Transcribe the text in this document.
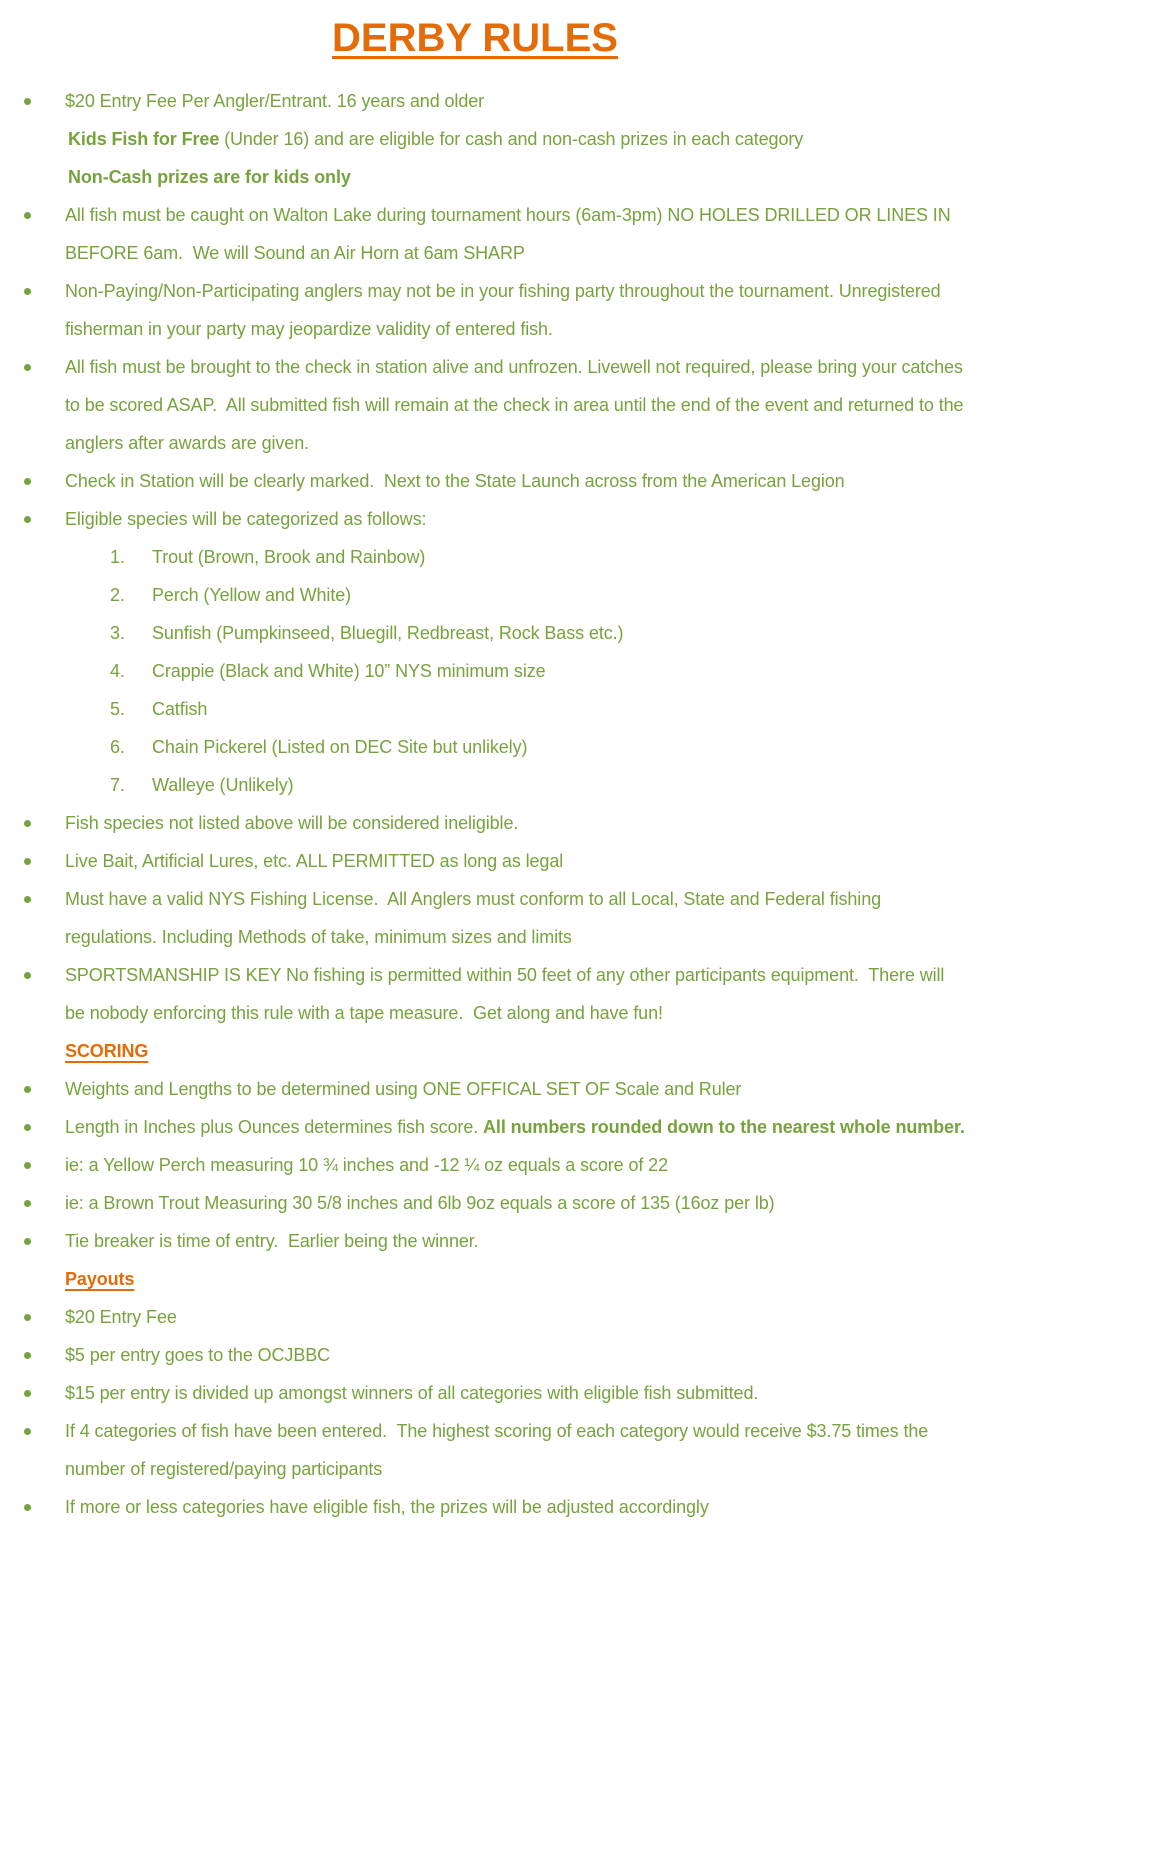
DERBY RULES
$20 Entry Fee Per Angler/Entrant. 16 years and older
Kids Fish for Free (Under 16) and are eligible for cash and non-cash prizes in each category
Non-Cash prizes are for kids only
All fish must be caught on Walton Lake during tournament hours (6am-3pm) NO HOLES DRILLED OR LINES IN BEFORE 6am.  We will Sound an Air Horn at 6am SHARP
Non-Paying/Non-Participating anglers may not be in your fishing party throughout the tournament. Unregistered fisherman in your party may jeopardize validity of entered fish.
All fish must be brought to the check in station alive and unfrozen. Livewell not required, please bring your catches to be scored ASAP.  All submitted fish will remain at the check in area until the end of the event and returned to the anglers after awards are given.
Check in Station will be clearly marked.  Next to the State Launch across from the American Legion
Eligible species will be categorized as follows:
1. Trout (Brown, Brook and Rainbow)
2. Perch (Yellow and White)
3. Sunfish (Pumpkinseed, Bluegill, Redbreast, Rock Bass etc.)
4. Crappie (Black and White) 10” NYS minimum size
5. Catfish
6. Chain Pickerel (Listed on DEC Site but unlikely)
7. Walleye (Unlikely)
Fish species not listed above will be considered ineligible.
Live Bait, Artificial Lures, etc. ALL PERMITTED as long as legal
Must have a valid NYS Fishing License.  All Anglers must conform to all Local, State and Federal fishing regulations. Including Methods of take, minimum sizes and limits
SPORTSMANSHIP IS KEY No fishing is permitted within 50 feet of any other participants equipment.  There will be nobody enforcing this rule with a tape measure.  Get along and have fun!
SCORING
Weights and Lengths to be determined using ONE OFFICAL SET OF Scale and Ruler
Length in Inches plus Ounces determines fish score. All numbers rounded down to the nearest whole number.
ie: a Yellow Perch measuring 10 ¾ inches and -12 ¼ oz equals a score of 22
ie: a Brown Trout Measuring 30 5/8 inches and 6lb 9oz equals a score of 135 (16oz per lb)
Tie breaker is time of entry.  Earlier being the winner.
Payouts
$20 Entry Fee
$5 per entry goes to the OCJBBC
$15 per entry is divided up amongst winners of all categories with eligible fish submitted.
If 4 categories of fish have been entered.  The highest scoring of each category would receive $3.75 times the number of registered/paying participants
If more or less categories have eligible fish, the prizes will be adjusted accordingly
